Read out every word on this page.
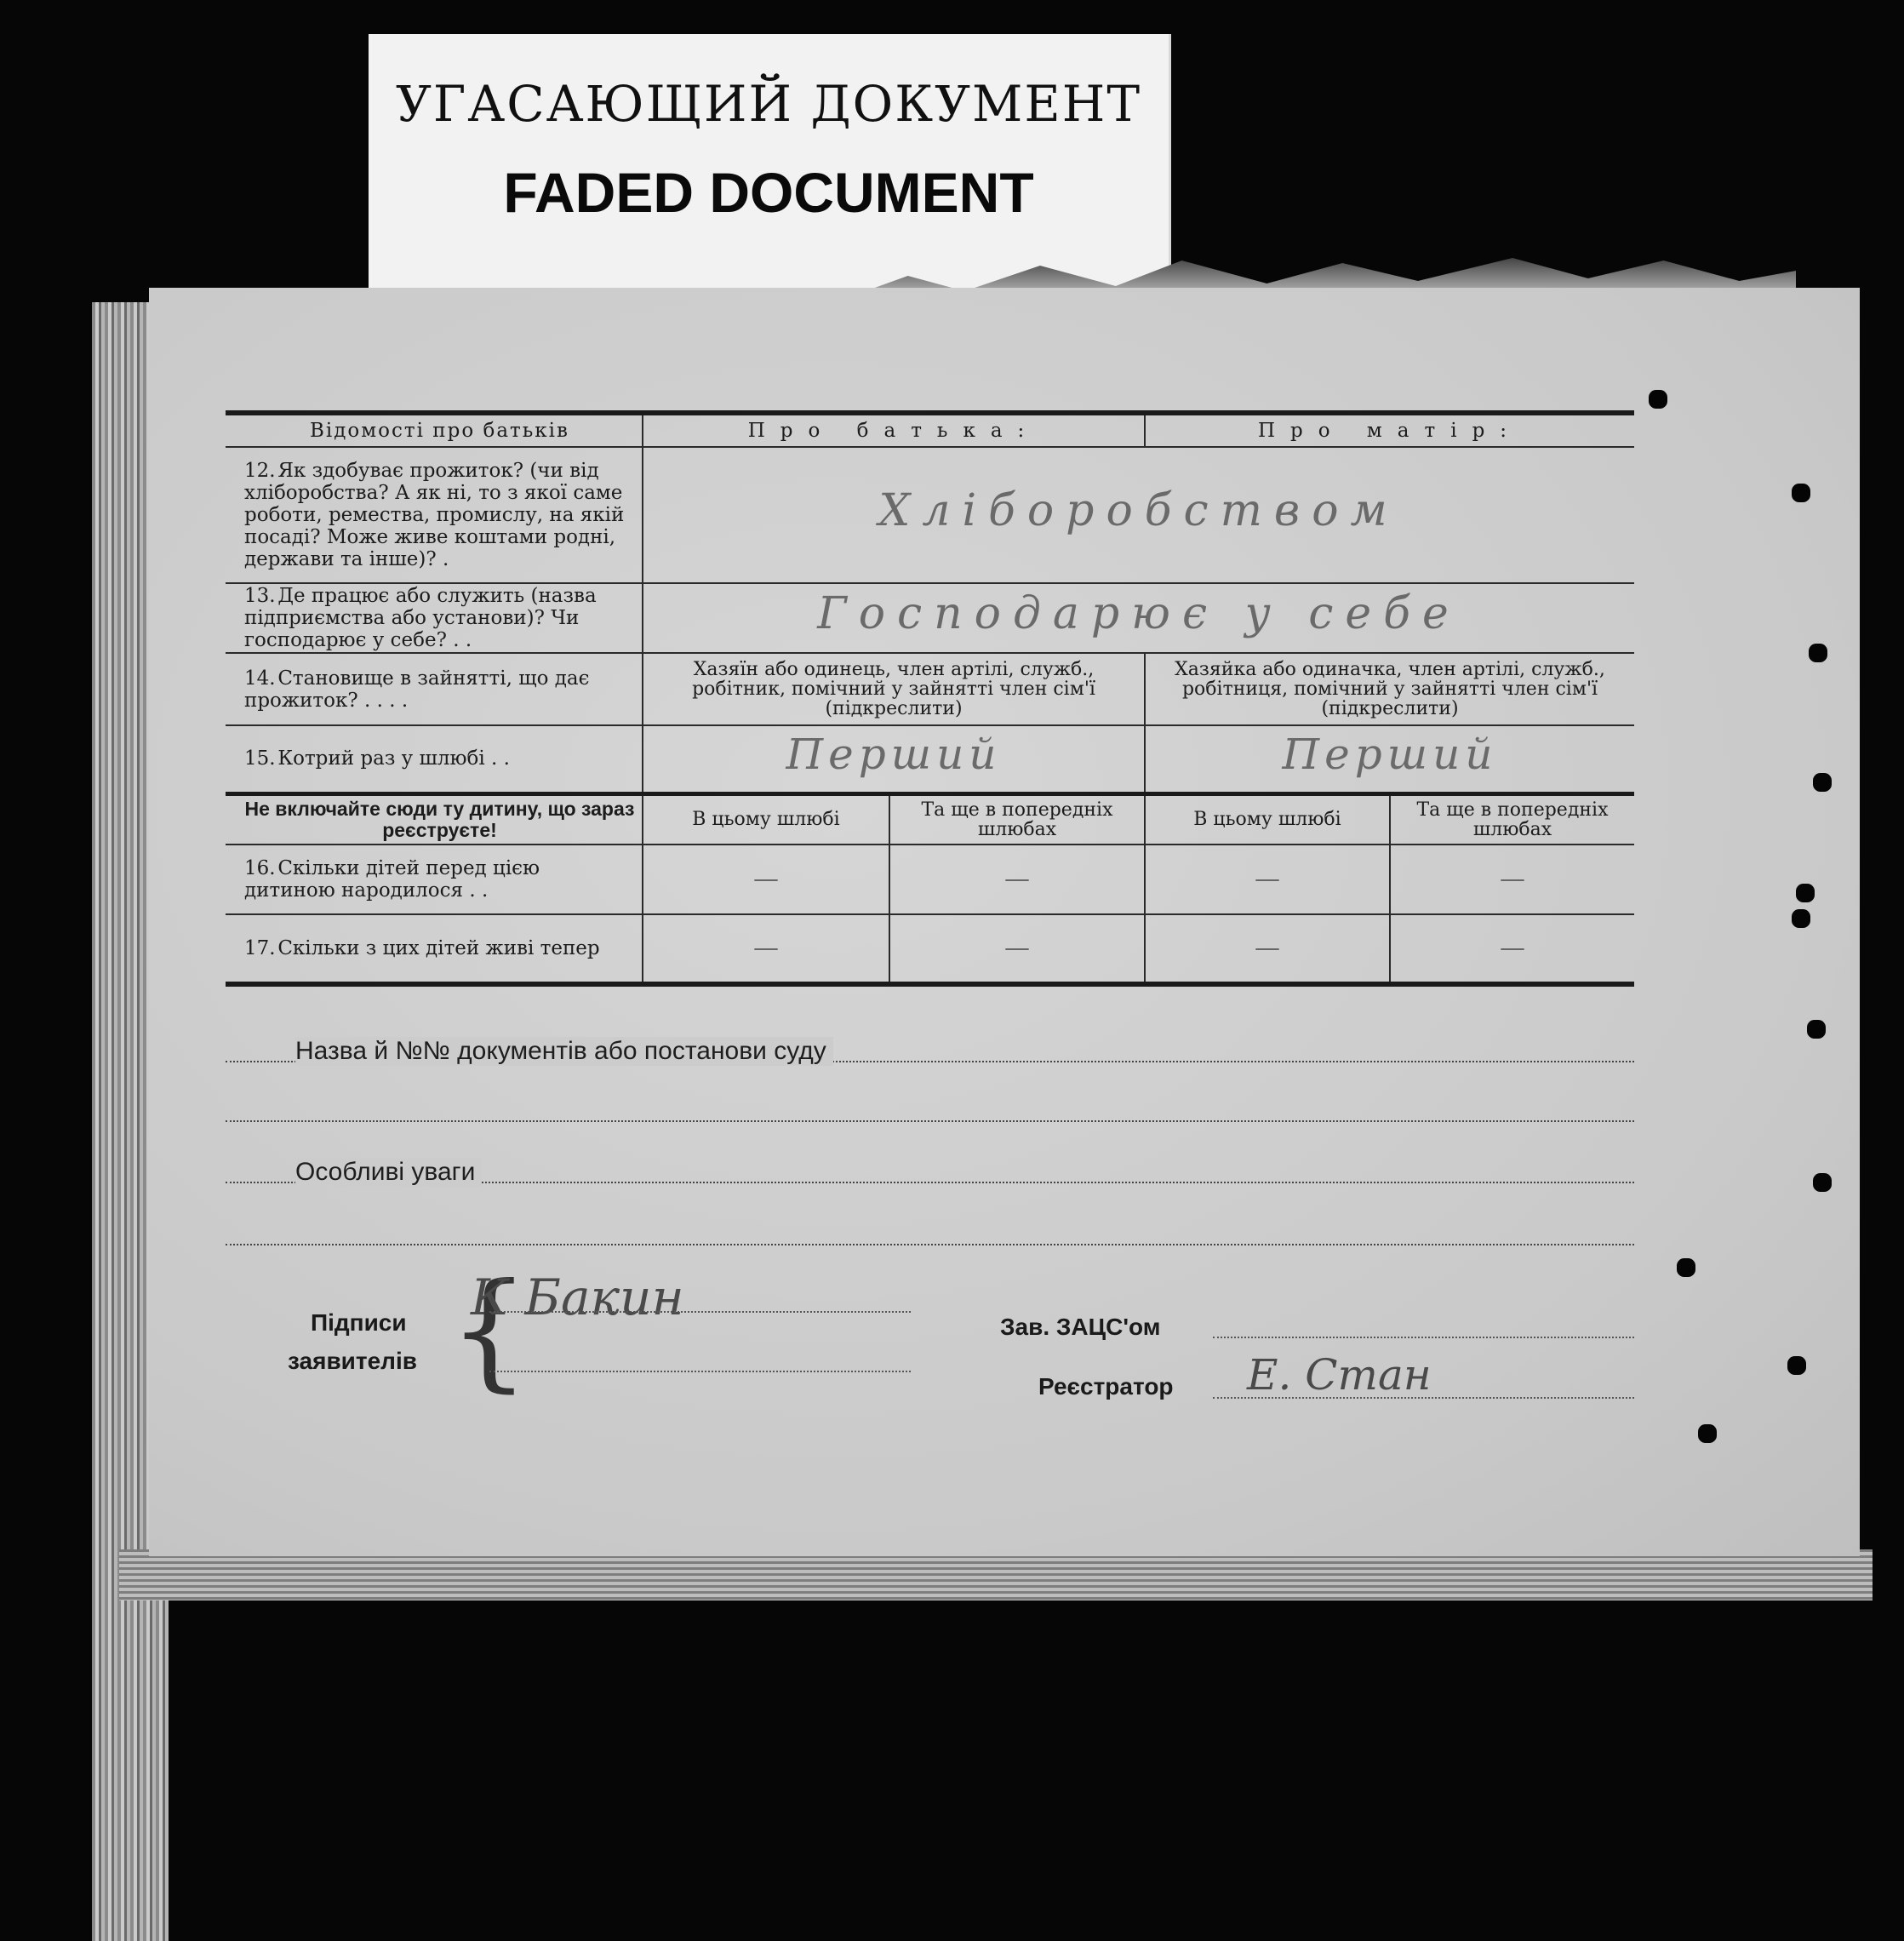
УГАСАЮЩИЙ ДОКУМЕНТ
FADED DOCUMENT
Відомості про батьків	Про батька:		Про матір:	
12. Як здобуває прожиток? (чи від хліборобства? А як ні, то з якої саме роботи, ремества, промислу, на якій посаді? Може живе коштами родні, держави та інше)? .	Хліборобством			
13. Де працює або служить (назва підприємства або установи)? Чи господарює у себе? . .	Господарює у себе			
14. Становище в зайнятті, що дає прожиток? . . . .	Хазяїн або одинець, член артілі, служб., робітник, помічний у зайнятті член сім'ї (підкреслити)		Хазяйка або одиначка, член артілі, служб., робітниця, помічний у зайнятті член сім'ї (підкреслити)	
15. Котрий раз у шлюбі . .	Перший		Перший	
Не включайте сюди ту дитину, що зараз реєструєте!	В цьому шлюбі	Та ще в попередніх шлюбах	В цьому шлюбі	Та ще в попередніх шлюбах
16. Скільки дітей перед цією дитиною народилося . .	—	—	—	—
17. Скільки з цих дітей живі тепер	—	—	—	—
Назва й №№ документів або постанови суду
Особливі уваги
Підписи
заявителів {
К Бакин
Зав. ЗАЦС'ом
Реєстратор Е. Стан
